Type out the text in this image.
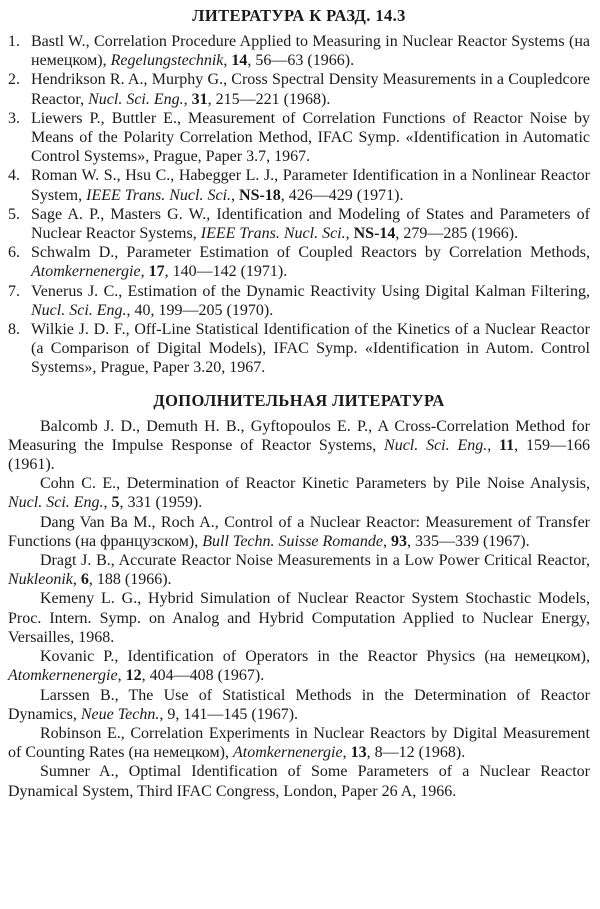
ЛИТЕРАТУРА К РАЗД. 14.3
1. Bastl W., Correlation Procedure Applied to Measuring in Nuclear Reactor Systems (на немецком), Regelungstechnik, 14, 56—63 (1966).
2. Hendrikson R. A., Murphy G., Cross Spectral Density Measurements in a Coupledcore Reactor, Nucl. Sci. Eng., 31, 215—221 (1968).
3. Liewers P., Buttler E., Measurement of Correlation Functions of Reactor Noise by Means of the Polarity Correlation Method, IFAC Symp. «Identification in Automatic Control Systems», Prague, Paper 3.7, 1967.
4. Roman W. S., Hsu C., Habegger L. J., Parameter Identification in a Nonlinear Reactor System, IEEE Trans. Nucl. Sci., NS-18, 426—429 (1971).
5. Sage A. P., Masters G. W., Identification and Modeling of States and Parameters of Nuclear Reactor Systems, IEEE Trans. Nucl. Sci., NS-14, 279—285 (1966).
6. Schwalm D., Parameter Estimation of Coupled Reactors by Correlation Methods, Atomkernenergie, 17, 140—142 (1971).
7. Venerus J. C., Estimation of the Dynamic Reactivity Using Digital Kalman Filtering, Nucl. Sci. Eng., 40, 199—205 (1970).
8. Wilkie J. D. F., Off-Line Statistical Identification of the Kinetics of a Nuclear Reactor (a Comparison of Digital Models), IFAC Symp. «Identification in Autom. Control Systems», Prague, Paper 3.20, 1967.
ДОПОЛНИТЕЛЬНАЯ ЛИТЕРАТУРА

Balcomb J. D., Demuth H. B., Gyftopoulos E. P., A Cross-Correlation Method for Measuring the Impulse Response of Reactor Systems, Nucl. Sci. Eng., 11, 159—166 (1961).

Cohn C. E., Determination of Reactor Kinetic Parameters by Pile Noise Analysis, Nucl. Sci. Eng., 5, 331 (1959).

Dang Van Ba M., Roch A., Control of a Nuclear Reactor: Measurement of Transfer Functions (на французском), Bull Techn. Suisse Romande, 93, 335—339 (1967).

Dragt J. B., Accurate Reactor Noise Measurements in a Low Power Critical Reactor, Nukleonik, 6, 188 (1966).

Kemeny L. G., Hybrid Simulation of Nuclear Reactor System Stochastic Models, Proc. Intern. Symp. on Analog and Hybrid Computation Applied to Nuclear Energy, Versailles, 1968.

Kovanic P., Identification of Operators in the Reactor Physics (на немецком), Atomkernenergie, 12, 404—408 (1967).

Larssen B., The Use of Statistical Methods in the Determination of Reactor Dynamics, Neue Techn., 9, 141—145 (1967).

Robinson E., Correlation Experiments in Nuclear Reactors by Digital Measurement of Counting Rates (на немецком), Atomkernenergie, 13, 8—12 (1968).

Sumner A., Optimal Identification of Some Parameters of a Nuclear Reactor Dynamical System, Third IFAC Congress, London, Paper 26 A, 1966.
